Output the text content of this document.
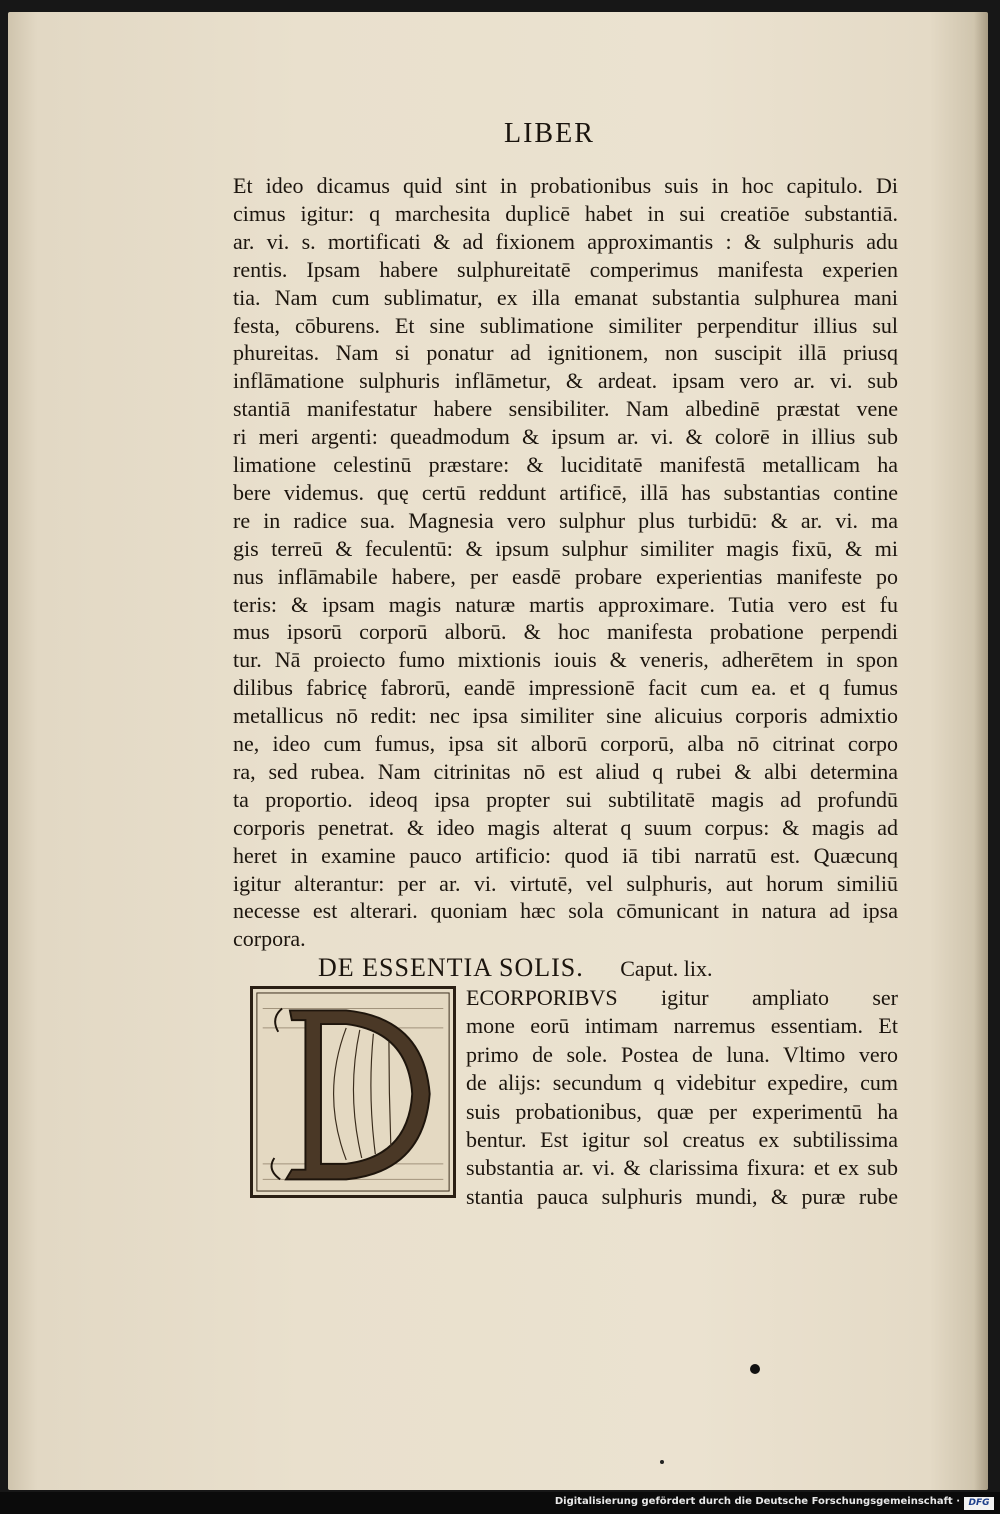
LIBER
Et ideo dicamus quid sint in probationibus suis in hoc capitulo. Di
cimus igitur: q marchesita duplicē habet in sui creatiōe substantiā.
ar. vi. s. mortificati & ad fixionem approximantis : & sulphuris adu
rentis. Ipsam habere sulphureitatē comperimus manifesta experien
tia. Nam cum sublimatur, ex illa emanat substantia sulphurea mani
festa, cōburens. Et sine sublimatione similiter perpenditur illius sul
phureitas. Nam si ponatur ad ignitionem, non suscipit illā priusq
inflāmatione sulphuris inflāmetur, & ardeat. ipsam vero ar. vi. sub
stantiā manifestatur habere sensibiliter. Nam albedinē præstat vene
ri meri argenti: queadmodum & ipsum ar. vi. & colorē in illius sub
limatione celestinū præstare: & luciditatē manifestā metallicam ha
bere videmus. quę certū reddunt artificē, illā has substantias contine
re in radice sua. Magnesia vero sulphur plus turbidū: & ar. vi. ma
gis terreū & feculentū: & ipsum sulphur similiter magis fixū, & mi
nus inflāmabile habere, per easdē probare experientias manifeste po
teris: & ipsam magis naturæ martis approximare. Tutia vero est fu
mus ipsorū corporū alborū. & hoc manifesta probatione perpendi
tur. Nā proiecto fumo mixtionis iouis & veneris, adherētem in spon
dilibus fabricę fabrorū, eandē impressionē facit cum ea. et q fumus
metallicus nō redit: nec ipsa similiter sine alicuius corporis admixtio
ne, ideo cum fumus, ipsa sit alborū corporū, alba nō citrinat corpo
ra, sed rubea. Nam citrinitas nō est aliud q rubei & albi determina
ta proportio. ideoq ipsa propter sui subtilitatē magis ad profundū
corporis penetrat. & ideo magis alterat q suum corpus: & magis ad
heret in examine pauco artificio: quod iā tibi narratū est. Quæcunq
igitur alterantur: per ar. vi. virtutē, vel sulphuris, aut horum similiū
necesse est alterari. quoniam hæc sola cōmunicant in natura ad ipsa
corpora.
DE ESSENTIA SOLIS. Caput. lix.
ECORPORIBVS igitur ampliato ser
mone eorū intimam narremus essentiam. Et
primo de sole. Postea de luna. Vltimo vero
de alijs: secundum q videbitur expedire, cum
suis probationibus, quæ per experimentū ha
bentur. Est igitur sol creatus ex subtilissima
substantia ar. vi. & clarissima fixura: et ex sub
stantia pauca sulphuris mundi, & puræ rube
Digitalisierung gefördert durch die Deutsche Forschungsgemeinschaft · DFG
